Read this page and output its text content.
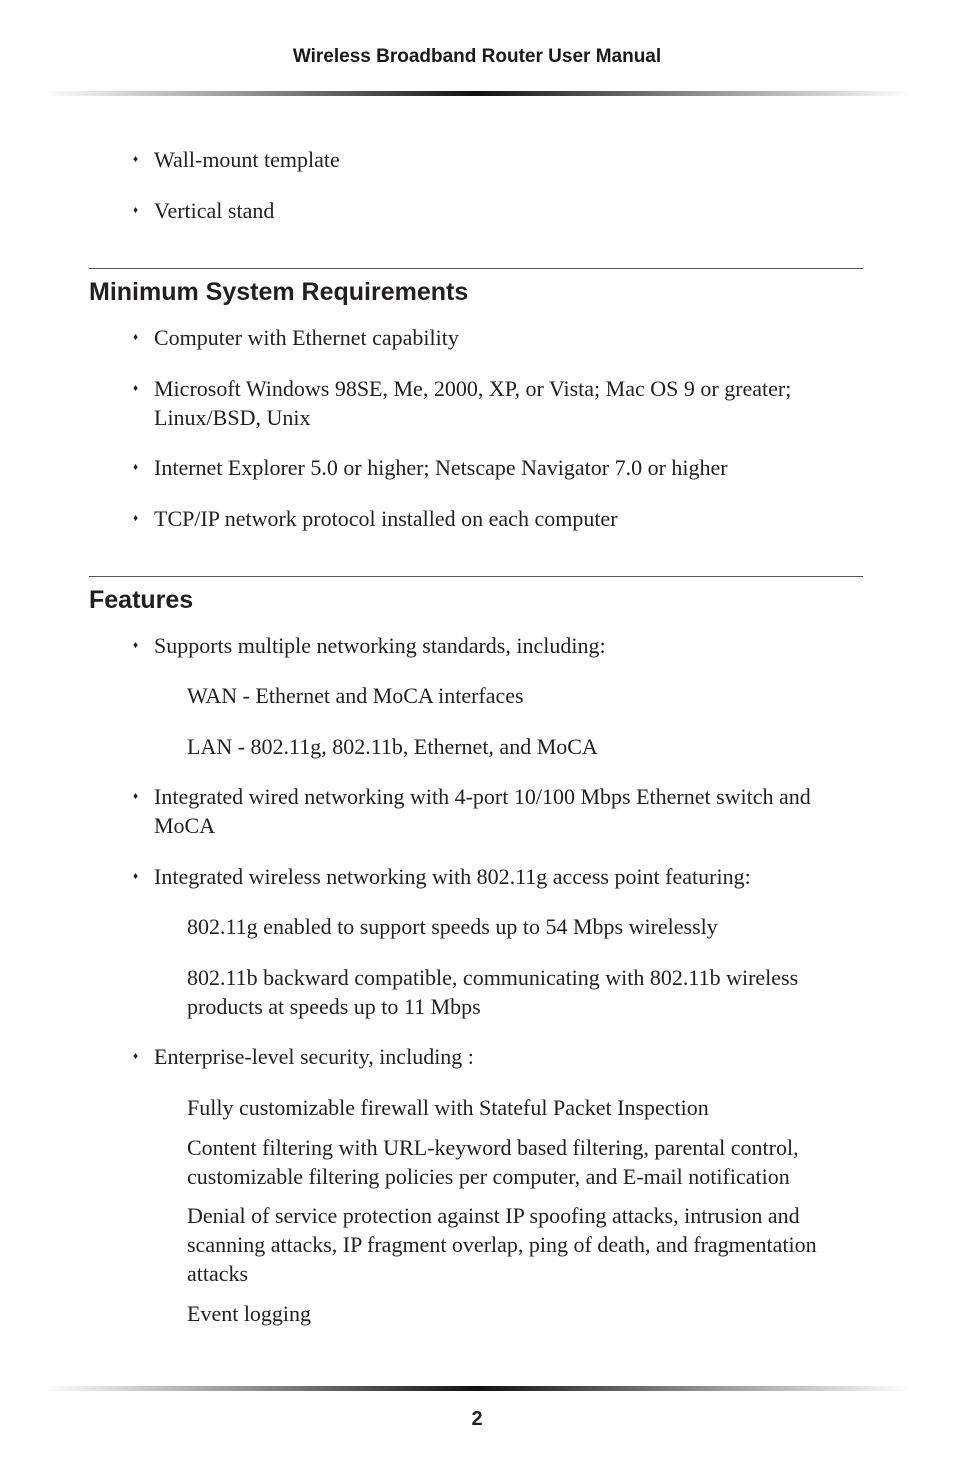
Wireless Broadband Router User Manual
♦ Wall-mount template
♦ Vertical stand
Minimum System Requirements
♦ Computer with Ethernet capability
♦ Microsoft Windows 98SE, Me, 2000, XP, or Vista; Mac OS 9 or greater; Linux/BSD, Unix
♦ Internet Explorer 5.0 or higher; Netscape Navigator 7.0 or higher
♦ TCP/IP network protocol installed on each computer
Features
♦ Supports multiple networking standards, including:
WAN - Ethernet and MoCA interfaces
LAN - 802.11g, 802.11b, Ethernet, and MoCA
♦ Integrated wired networking with 4-port 10/100 Mbps Ethernet switch and MoCA
♦ Integrated wireless networking with 802.11g access point featuring:
802.11g enabled to support speeds up to 54 Mbps wirelessly
802.11b backward compatible, communicating with 802.11b wireless products at speeds up to 11 Mbps
♦ Enterprise-level security, including :
Fully customizable firewall with Stateful Packet Inspection
Content filtering with URL-keyword based filtering, parental control, customizable filtering policies per computer, and E-mail notification
Denial of service protection against IP spoofing attacks, intrusion and scanning attacks, IP fragment overlap, ping of death, and fragmentation attacks
Event logging
2
